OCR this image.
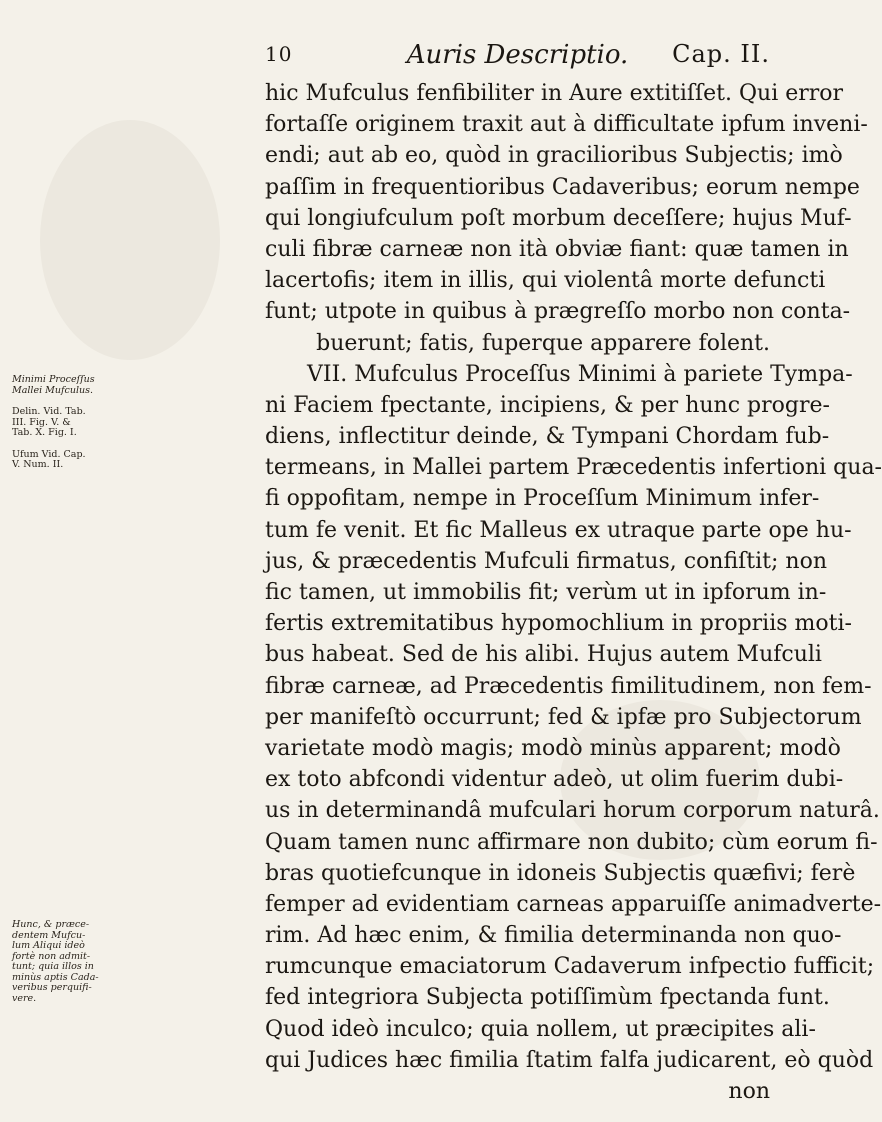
10	Auris Descriptio.	Cap. II.
hic Mufculus fenfibiliter in Aure extitiſſet. Qui error
fortaſſe originem traxit aut à difficultate ipfum inveni-
endi; aut ab eo, quòd in gracilioribus Subjectis; imò
paſſim in frequentioribus Cadaveribus; eorum nempe
qui longiufculum poſt morbum deceſſere; hujus Muf-
culi fibræ carneæ non ità obviæ fiant: quæ tamen in
lacertofis; item in illis, qui violentâ morte defuncti
funt; utpote in quibus à prægreſſo morbo non conta-
buerunt; fatis, fuperque apparere folent.
VII. Mufculus Proceſſus Minimi à pariete Tympa-
ni Faciem fpectante, incipiens, & per hunc progre-
diens, inflectitur deinde, & Tympani Chordam fub-
termeans, in Mallei partem Præcedentis infertioni qua-
fi oppofitam, nempe in Proceſſum Minimum infer-
tum fe venit. Et fic Malleus ex utraque parte ope hu-
jus, & præcedentis Mufculi firmatus, confiſtit; non
fic tamen, ut immobilis fit; verùm ut in ipforum in-
fertis extremitatibus hypomochlium in propriis moti-
bus habeat. Sed de his alibi. Hujus autem Mufculi
fibræ carneæ, ad Præcedentis fimilitudinem, non fem-
per manifeſtò occurrunt; fed & ipfæ pro Subjectorum
varietate modò magis; modò minùs apparent; modò
ex toto abfcondi videntur adeò, ut olim fuerim dubi-
us in determinandâ mufculari horum corporum naturâ.
Quam tamen nunc affirmare non dubito; cùm eorum fi-
bras quotiefcunque in idoneis Subjectis quæfivi; ferè
femper ad evidentiam carneas apparuiſſe animadverte-
rim. Ad hæc enim, & fimilia determinanda non quo-
rumcunque emaciatorum Cadaverum infpectio fufficit;
fed integriora Subjecta potiſſimùm fpectanda funt.
Quod ideò inculco; quia nollem, ut præcipites ali-
qui Judices hæc fimilia ſtatim falfa judicarent, eò quòd
non
Minimi Proceſſus
Mallei Mufculus.
Delin. Vid. Tab.
III. Fig. V. &
Tab. X. Fig. I.
Ufum Vid. Cap.
V. Num. II.
Hunc, & præce-
dentem Mufcu-
lum Aliqui ideò
fortè non admit-
tunt; quia illos in
minùs aptis Cada-
veribus perquifi-
vere.
